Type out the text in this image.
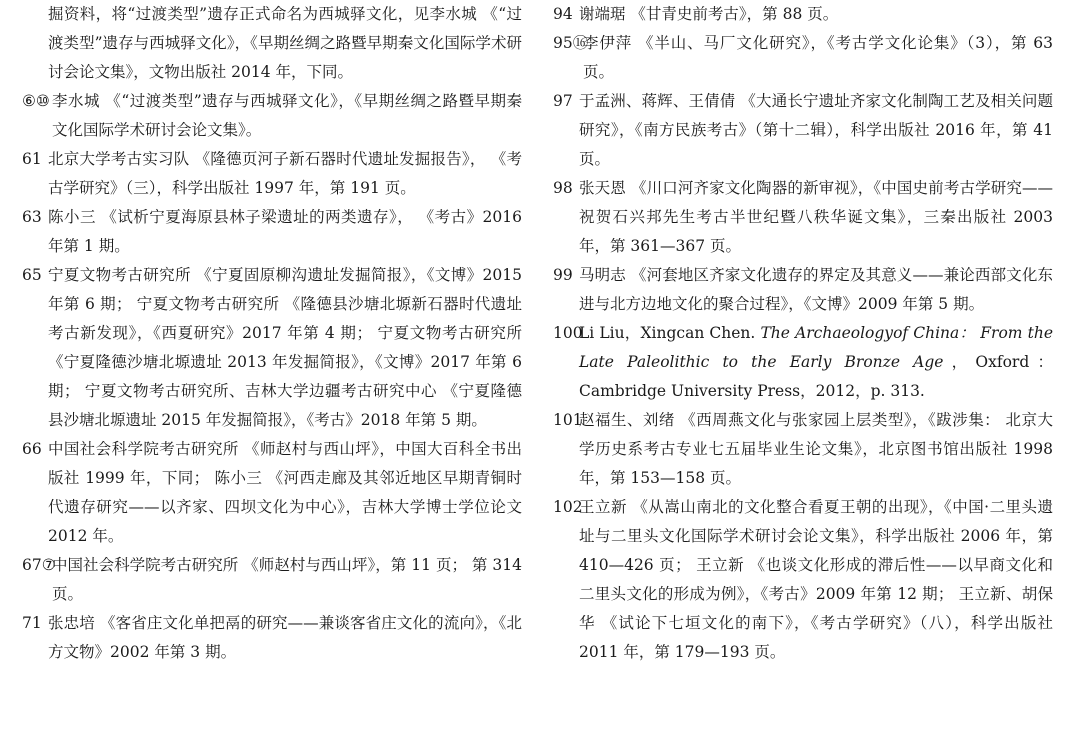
掘资料，将“过渡类型”遗存正式命名为西城驿文化，见李水城 《“过渡类型”遗存与西城驿文化》，《早期丝绸之路暨早期秦文化国际学术研讨会论文集》，文物出版社 2014 年，下同。
⑥⑩ 李水城 《“过渡类型”遗存与西城驿文化》，《早期丝绸之路暨早期秦文化国际学术研讨会论文集》。
61 北京大学考古实习队 《隆德页河子新石器时代遗址发掘报告》， 《考古学研究》（三），科学出版社 1997 年，第 191 页。
63 陈小三 《试析宁夏海原县林子梁遗址的两类遗存》， 《考古》2016 年第 1 期。
65 宁夏文物考古研究所 《宁夏固原柳沟遗址发掘简报》，《文博》2015 年第 6 期； 宁夏文物考古研究所 《隆德县沙塘北塬新石器时代遗址考古新发现》，《西夏研究》2017 年第 4 期； 宁夏文物考古研究所 《宁夏隆德沙塘北塬遗址 2013 年发掘简报》，《文博》2017 年第 6 期； 宁夏文物考古研究所、吉林大学边疆考古研究中心 《宁夏隆德县沙塘北塬遗址 2015 年发掘简报》，《考古》2018 年第 5 期。
66 中国社会科学院考古研究所 《师赵村与西山坪》，中国大百科全书出版社 1999 年，下同； 陈小三 《河西走廊及其邻近地区早期青铜时代遗存研究——以齐家、四坝文化为中心》，吉林大学博士学位论文 2012 年。
67⑦
中国社会科学院考古研究所 《师赵村与西山坪》，第 11 页； 第 314 页。
71 张忠培 《客省庄文化单把鬲的研究——兼谈客省庄文化的流向》，《北方文物》2002 年第 3 期。
94 谢端琚 《甘青史前考古》，第 88 页。
95⑯
李伊萍 《半山、马厂文化研究》，《考古学文化论集》（3），第 63 页。
97 于孟洲、蒋辉、王倩倩 《大通长宁遗址齐家文化制陶工艺及相关问题研究》，《南方民族考古》（第十二辑），科学出版社 2016 年，第 41 页。
98 张天恩 《川口河齐家文化陶器的新审视》，《中国史前考古学研究——祝贺石兴邦先生考古半世纪暨八秩华诞文集》，三秦出版社 2003 年，第 361—367 页。
99 马明志 《河套地区齐家文化遗存的界定及其意义——兼论西部文化东进与北方边地文化的聚合过程》，《文博》2009 年第 5 期。
100
Li Liu，Xingcan Chen. The Archaeologyof China： From the Late Paleolithic to the Early Bronze Age，Oxford： Cambridge University Press，2012，p. 313.
101
赵福生、刘绪 《西周燕文化与张家园上层类型》，《跋涉集： 北京大学历史系考古专业七五届毕业生论文集》，北京图书馆出版社 1998 年，第 153—158 页。
102
王立新 《从嵩山南北的文化整合看夏王朝的出现》，《中国·二里头遗址与二里头文化国际学术研讨会论文集》，科学出版社 2006 年，第 410—426 页； 王立新 《也谈文化形成的滞后性——以早商文化和二里头文化的形成为例》，《考古》2009 年第 12 期； 王立新、胡保华 《试论下七垣文化的南下》，《考古学研究》（八），科学出版社 2011 年，第 179—193 页。
